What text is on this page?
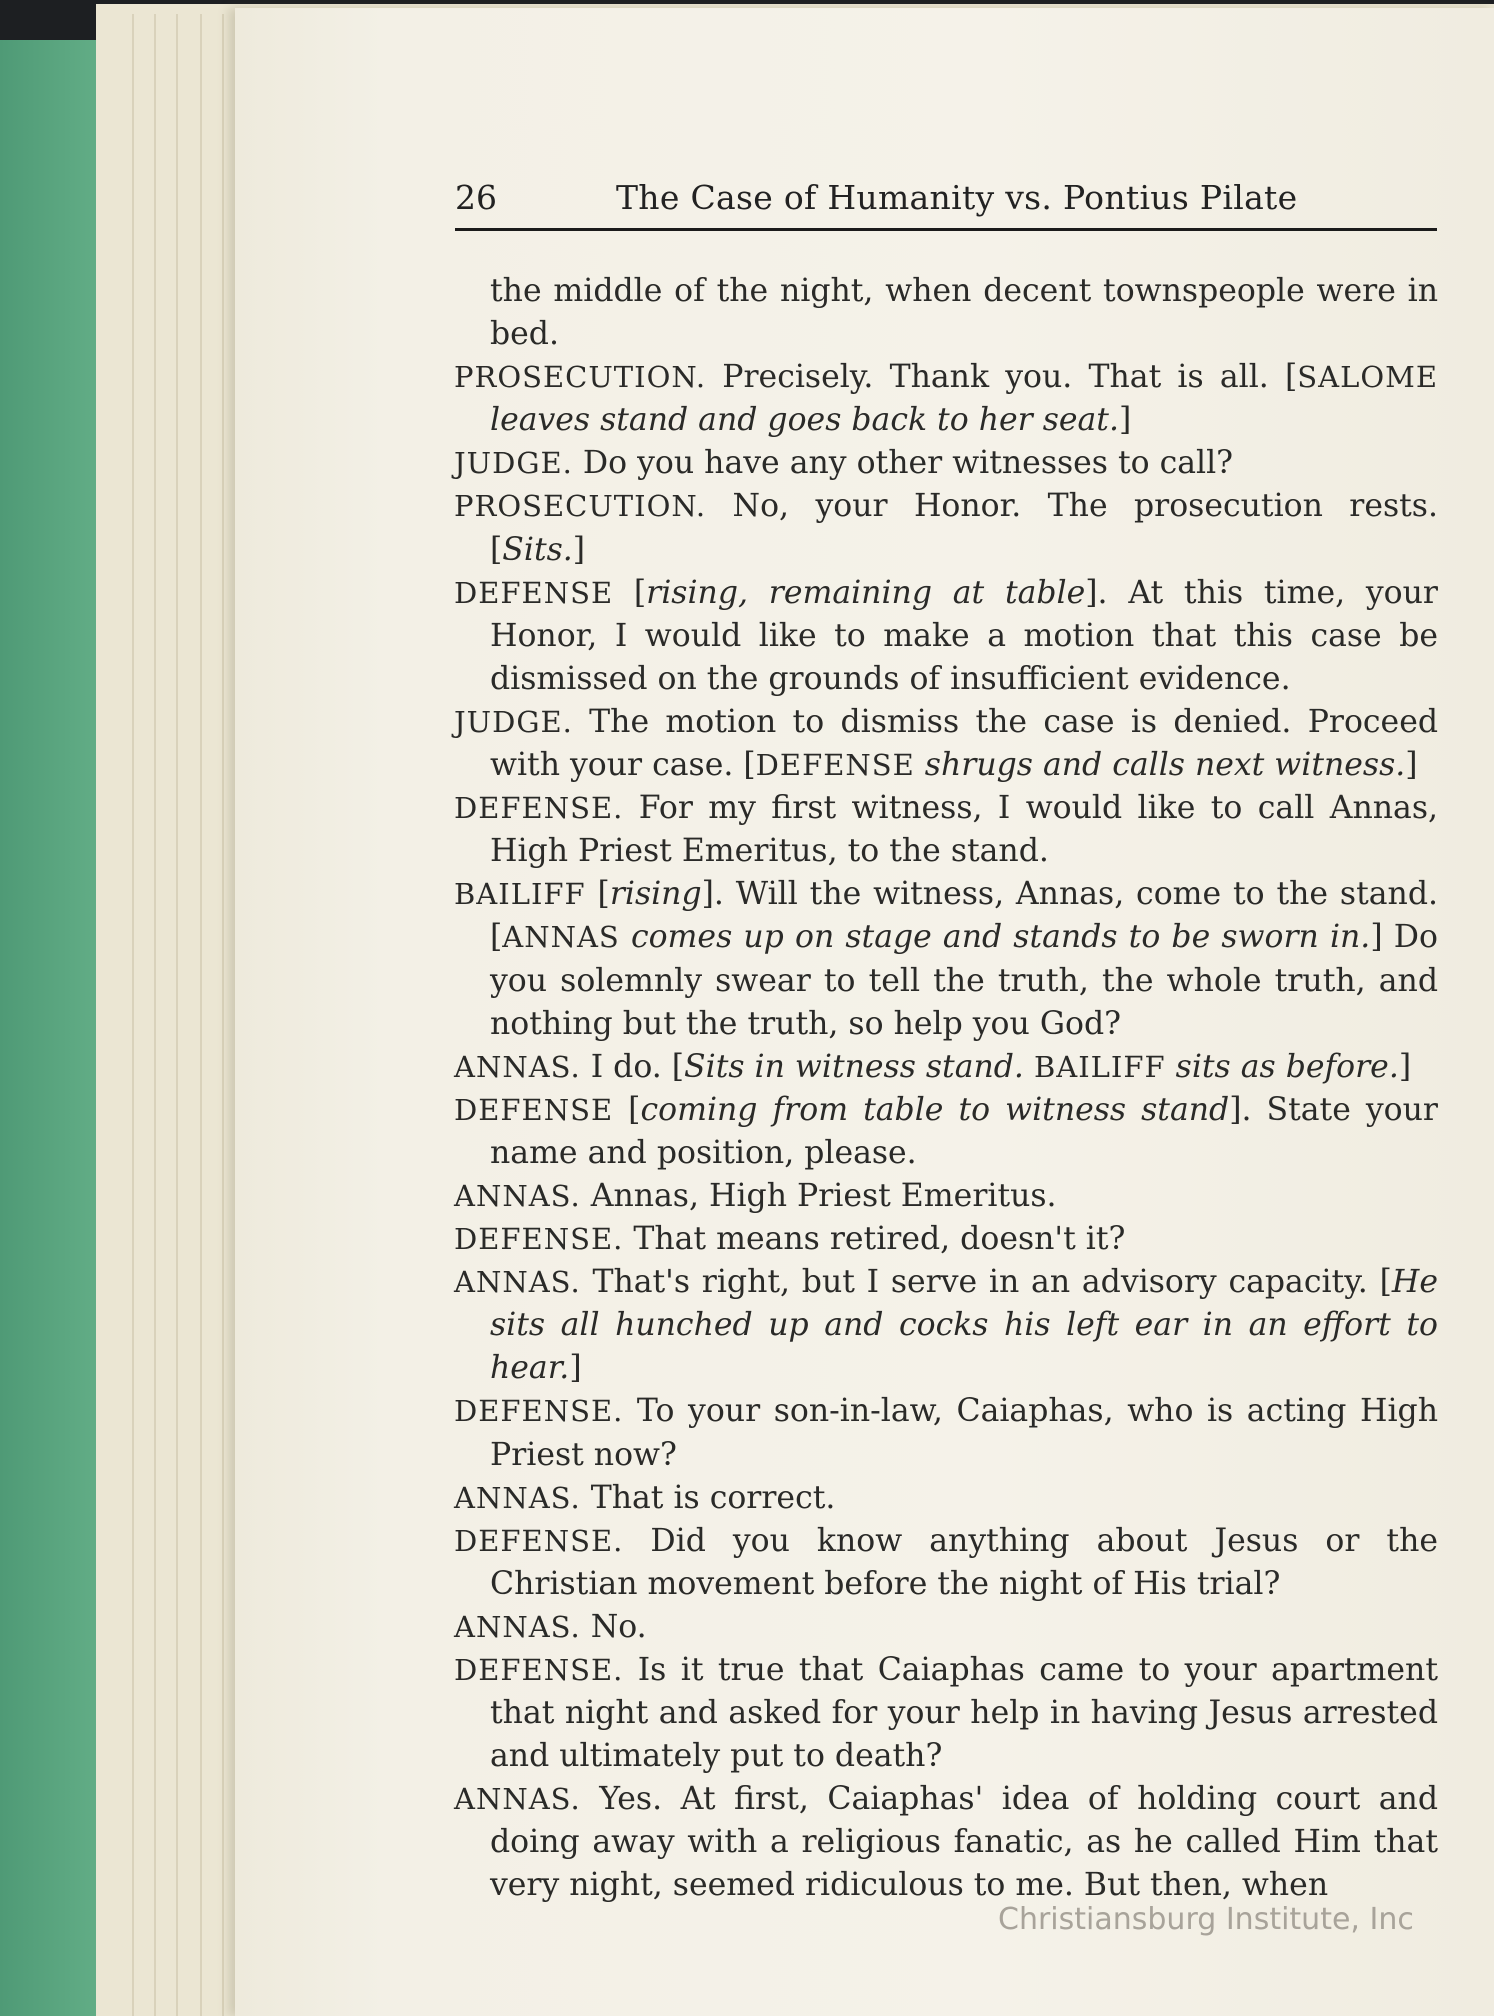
26	The Case of Humanity vs. Pontius Pilate

the middle of the night, when decent townspeople were in bed.

PROSECUTION. Precisely. Thank you. That is all. [SALOME leaves stand and goes back to her seat.]

JUDGE. Do you have any other witnesses to call?

PROSECUTION. No, your Honor. The prosecution rests. [Sits.]

DEFENSE [rising, remaining at table]. At this time, your Honor, I would like to make a motion that this case be dismissed on the grounds of insufficient evidence.

JUDGE. The motion to dismiss the case is denied. Proceed with your case. [DEFENSE shrugs and calls next witness.]

DEFENSE. For my first witness, I would like to call Annas, High Priest Emeritus, to the stand.

BAILIFF [rising]. Will the witness, Annas, come to the stand. [ANNAS comes up on stage and stands to be sworn in.] Do you solemnly swear to tell the truth, the whole truth, and nothing but the truth, so help you God?

ANNAS. I do. [Sits in witness stand. BAILIFF sits as before.]

DEFENSE [coming from table to witness stand]. State your name and position, please.

ANNAS. Annas, High Priest Emeritus.

DEFENSE. That means retired, doesn't it?

ANNAS. That's right, but I serve in an advisory capacity. [He sits all hunched up and cocks his left ear in an effort to hear.]

DEFENSE. To your son-in-law, Caiaphas, who is acting High Priest now?

ANNAS. That is correct.

DEFENSE. Did you know anything about Jesus or the Christian movement before the night of His trial?

ANNAS. No.

DEFENSE. Is it true that Caiaphas came to your apartment that night and asked for your help in having Jesus arrested and ultimately put to death?

ANNAS. Yes. At first, Caiaphas' idea of holding court and doing away with a religious fanatic, as he called Him that very night, seemed ridiculous to me. But then, when

Christiansburg Institute, Inc
